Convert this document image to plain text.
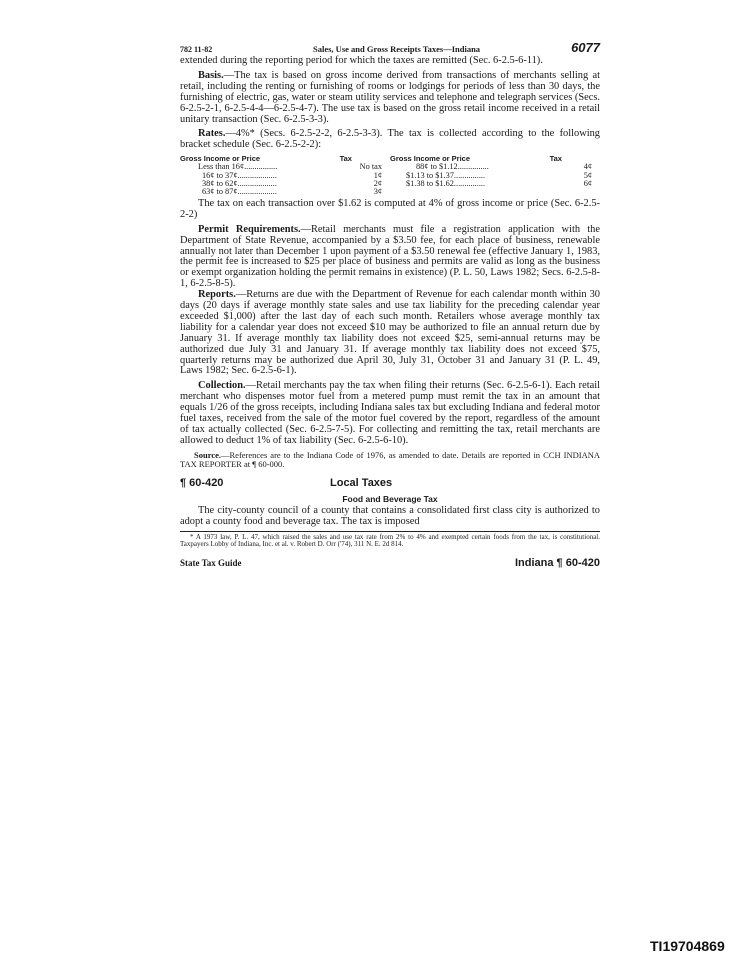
782 11-82	Sales, Use and Gross Receipts Taxes—Indiana	6077

extended during the reporting period for which the taxes are remitted (Sec. 6-2.5-6-11).

Basis.—The tax is based on gross income derived from transactions of merchants selling at retail, including the renting or furnishing of rooms or lodgings for periods of less than 30 days, the furnishing of electric, gas, water or steam utility services and telephone and telegraph services (Secs. 6-2.5-2-1, 6-2.5-4-4—6-2.5-4-7). The use tax is based on the gross retail income received in a retail unitary transaction (Sec. 6-2.5-3-3).

Rates.—4%* (Secs. 6-2.5-2-2, 6-2.5-3-3). The tax is collected according to the following bracket schedule (Sec. 6-2.5-2-2):

Gross Income or Price	Tax	Gross Income or Price	Tax
Less than 16¢................	No tax	88¢ to $1.12...............	4¢
16¢ to 37¢...................	1¢	$1.13 to $1.37...............	5¢
38¢ to 62¢...................	2¢	$1.38 to $1.62...............	6¢
63¢ to 87¢...................	3¢		

The tax on each transaction over $1.62 is computed at 4% of gross income or price (Sec. 6-2.5-2-2)

Permit Requirements.—Retail merchants must file a registration application with the Department of State Revenue, accompanied by a $3.50 fee, for each place of business, renewable annually not later than December 1 upon payment of a $3.50 renewal fee (effective January 1, 1983, the permit fee is increased to $25 per place of business and permits are valid as long as the business or exempt organization holding the permit remains in existence) (P. L. 50, Laws 1982; Secs. 6-2.5-8-1, 6-2.5-8-5).

Reports.—Returns are due with the Department of Revenue for each calendar month within 30 days (20 days if average monthly state sales and use tax liability for the preceding calendar year exceeded $1,000) after the last day of each such month. Retailers whose average monthly tax liability for a calendar year does not exceed $10 may be authorized to file an annual return due by January 31. If average monthly tax liability does not exceed $25, semi-annual returns may be authorized due July 31 and January 31. If average monthly tax liability does not exceed $75, quarterly returns may be authorized due April 30, July 31, October 31 and January 31 (P. L. 49, Laws 1982; Sec. 6-2.5-6-1).

Collection.—Retail merchants pay the tax when filing their returns (Sec. 6-2.5-6-1). Each retail merchant who dispenses motor fuel from a metered pump must remit the tax in an amount that equals 1/26 of the gross receipts, including Indiana sales tax but excluding Indiana and federal motor fuel taxes, received from the sale of the motor fuel covered by the report, regardless of the amount of tax actually collected (Sec. 6-2.5-7-5). For collecting and remitting the tax, retail merchants are allowed to deduct 1% of tax liability (Sec. 6-2.5-6-10).

Source.—References are to the Indiana Code of 1976, as amended to date. Details are reported in CCH INDIANA TAX REPORTER at ¶ 60-000.

¶ 60-420	Local Taxes
Food and Beverage Tax

The city-county council of a county that contains a consolidated first class city is authorized to adopt a county food and beverage tax. The tax is imposed

* A 1973 law, P. L. 47, which raised the sales and use tax rate from 2% to 4% and exempted certain foods from the tax, is constitutional. Taxpayers Lobby of Indiana, Inc. et al. v. Robert D. Orr ('74), 311 N. E. 2d 814.

State Tax Guide	Indiana ¶ 60-420
TI19704869
